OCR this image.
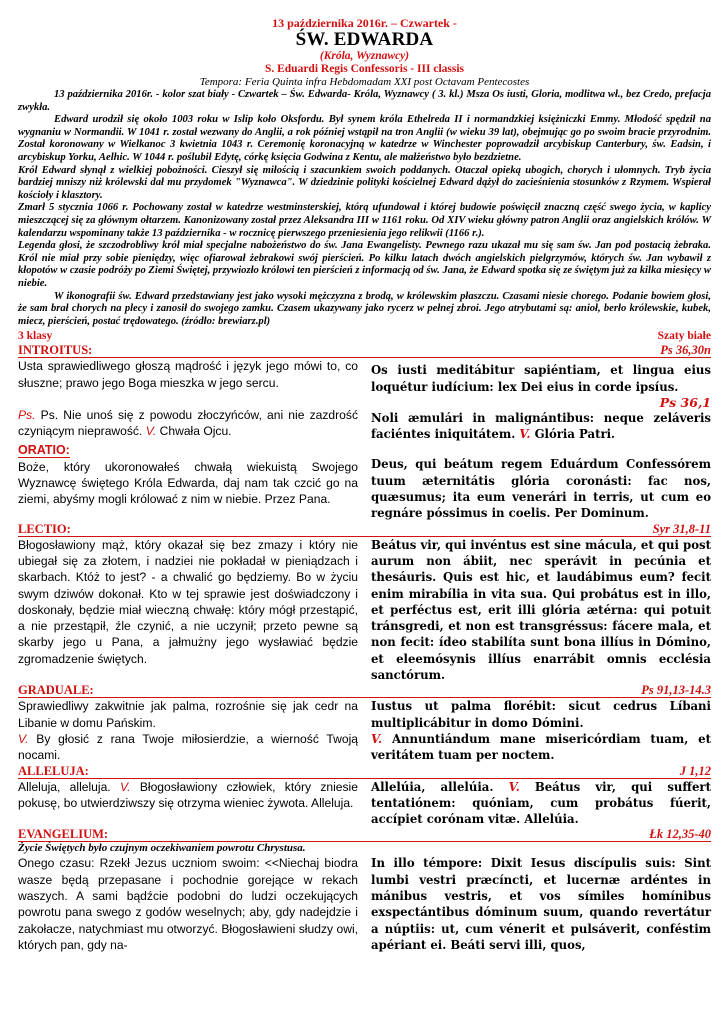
13 października 2016r. – Czwartek -
ŚW. EDWARDA
(Króla, Wyznawcy)
S. Eduardi Regis Confessoris - III classis
Tempora: Feria Quinta infra Hebdomadam XXI post Octavam Pentecostes

13 października 2016r. - kolor szat biały - Czwartek – Św. Edwarda- Króla, Wyznawcy ( 3. kl.) Msza Os iusti, Gloria, modlitwa wł., bez Credo, prefacja zwykła.

Edward urodził się około 1003 roku w Islip koło Oksfordu. Był synem króla Ethelreda II i normandzkiej księżniczki Emmy. Młodość spędził na wygnaniu w Normandii. W 1041 r. został wezwany do Anglii, a rok później wstąpił na tron Anglii (w wieku 39 lat), obejmując go po swoim bracie przyrodnim. Został koronowany w Wielkanoc 3 kwietnia 1043 r. Ceremonię koronacyjną w katedrze w Winchester poprowadził arcybiskup Canterbury, św. Eadsin, i arcybiskup Yorku, Aelhic. W 1044 r. poślubił Edytę, córkę księcia Godwina z Kentu, ale małżeństwo było bezdzietne.

Król Edward słynął z wielkiej pobożności. Cieszył się miłością i szacunkiem swoich poddanych. Otaczał opieką ubogich, chorych i ułomnych. Tryb życia bardziej mniszy niż królewski dał mu przydomek "Wyznawca". W dziedzinie polityki kościelnej Edward dążył do zacieśnienia stosunków z Rzymem. Wspierał kościoły i klasztory.

Zmarł 5 stycznia 1066 r. Pochowany został w katedrze westminsterskiej, którą ufundował i której budowie poświęcił znaczną część swego życia, w kaplicy mieszczącej się za głównym ołtarzem. Kanonizowany został przez Aleksandra III w 1161 roku. Od XIV wieku główny patron Anglii oraz angielskich królów. W kalendarzu wspominany także 13 października - w rocznicę pierwszego przeniesienia jego relikwii (1166 r.).

Legenda głosi, że szczodrobliwy król miał specjalne nabożeństwo do św. Jana Ewangelisty. Pewnego razu ukazał mu się sam św. Jan pod postacią żebraka. Król nie miał przy sobie pieniędzy, więc ofiarował żebrakowi swój pierścień. Po kilku latach dwóch angielskich pielgrzymów, których św. Jan wybawił z kłopotów w czasie podróży po Ziemi Świętej, przywiozło królowi ten pierścień z informacją od św. Jana, że Edward spotka się ze świętym już za kilka miesięcy w niebie.

W ikonografii św. Edward przedstawiany jest jako wysoki mężczyzna z brodą, w królewskim płaszczu. Czasami niesie chorego. Podanie bowiem głosi, że sam brał chorych na plecy i zanosił do swojego zamku. Czasem ukazywany jako rycerz w pełnej zbroi. Jego atrybutami są: anioł, berło królewskie, kubek, miecz, pierścień, postać trędowatego. (źródło: brewiarz.pl)

3 klasy	Szaty białe
INTROITUS:	Ps 36,30n

Usta sprawiedliwego głoszą mądrość i język jego mówi to, co słuszne; prawo jego Boga mieszka w jego sercu.

Ps. Ps. Nie unoś się z powodu złoczyńców, ani nie zazdrość czyniącym nieprawość. V. Chwała Ojcu.

Os iusti meditábitur sapiéntiam, et lingua eius loquétur iudícium: lex Dei eius in corde ipsíus.

Ps 36,1

Noli æmulári in malignántibus: neque zeláveris faciéntes iniquitátem. V. Glória Patri.

ORATIO:

Boże, który ukoronowałeś chwałą wiekuistą Swojego Wyznawcę świętego Króla Edwarda, daj nam tak czcić go na ziemi, abyśmy mogli królować z nim w niebie. Przez Pana.

Deus, qui beátum regem Eduárdum Confessórem tuum æternitátis glória coronásti: fac nos, quæsumus; ita eum venerári in terris, ut cum eo regnáre póssimus in coelis. Per Dominum.

LECTIO:	Syr 31,8-11
Błogosławiony mąż, który okazał się bez zmazy i który nie ubiegał się za złotem, i nadziei nie pokładał w pieniądzach i skarbach. Któż to jest? - a chwalić go będziemy. Bo w życiu swym dziwów dokonał. Kto w tej sprawie jest doświadczony i doskonały, będzie miał wieczną chwałę: który mógł przestąpić, a nie przestąpił, źle czynić, a nie uczynił; przeto pewne są skarby jego u Pana, a jałmużny jego wysławiać będzie zgromadzenie świętych.
Beátus vir, qui invéntus est sine mácula, et qui post aurum non ábiit, nec sperávit in pecúnia et thesáuris. Quis est hic, et laudábimus eum? fecit enim mirabília in vita sua. Qui probátus est in illo, et perféctus est, erit illi glória ætérna: qui potuit tránsgredi, et non est transgréssus: fácere mala, et non fecit: ídeo stabilíta sunt bona illíus in Dómino, et eleemósynis illíus enarrábit omnis ecclésia sanctórum.
GRADUALE:	Ps 91,13-14.3

Sprawiedliwy zakwitnie jak palma, rozrośnie się jak cedr na Libanie w domu Pańskim.

V. By głosić z rana Twoje miłosierdzie, a wierność Twoją nocami.

Iustus ut palma florébit: sicut cedrus Líbani multiplicábitur in domo Dómini.

V. Annuntiándum mane misericórdiam tuam, et veritátem tuam per noctem.

ALLELUJA:	J 1,12

Alleluja, alleluja. V. Błogosławiony człowiek, który zniesie pokusę, bo utwierdziwszy się otrzyma wieniec żywota. Alleluja.

Allelúia, allelúia. V. Beátus vir, qui suffert tentatiónem: quóniam, cum probátus fúerit, accípiet corónam vitæ. Allelúia.

EVANGELIUM:	Łk 12,35-40
Życie Świętych było czujnym oczekiwaniem powrotu Chrystusa.
Onego czasu: Rzekł Jezus uczniom swoim: <<Niechaj biodra wasze będą przepasane i pochodnie gorejące w rekach waszych. A sami bądźcie podobni do ludzi oczekujących powrotu pana swego z godów weselnych; aby, gdy nadejdzie i zakołacze, natychmiast mu otworzyć. Błogosławieni słudzy owi, których pan, gdy na-
In illo témpore: Dixit Iesus discípulis suis: Sint lumbi vestri præcíncti, et lucernæ ardéntes in mánibus vestris, et vos símiles homínibus exspectántibus dóminum suum, quando revertátur a núptiis: ut, cum vénerit et pulsáverit, conféstim apériant ei. Beáti servi illi, quos,
